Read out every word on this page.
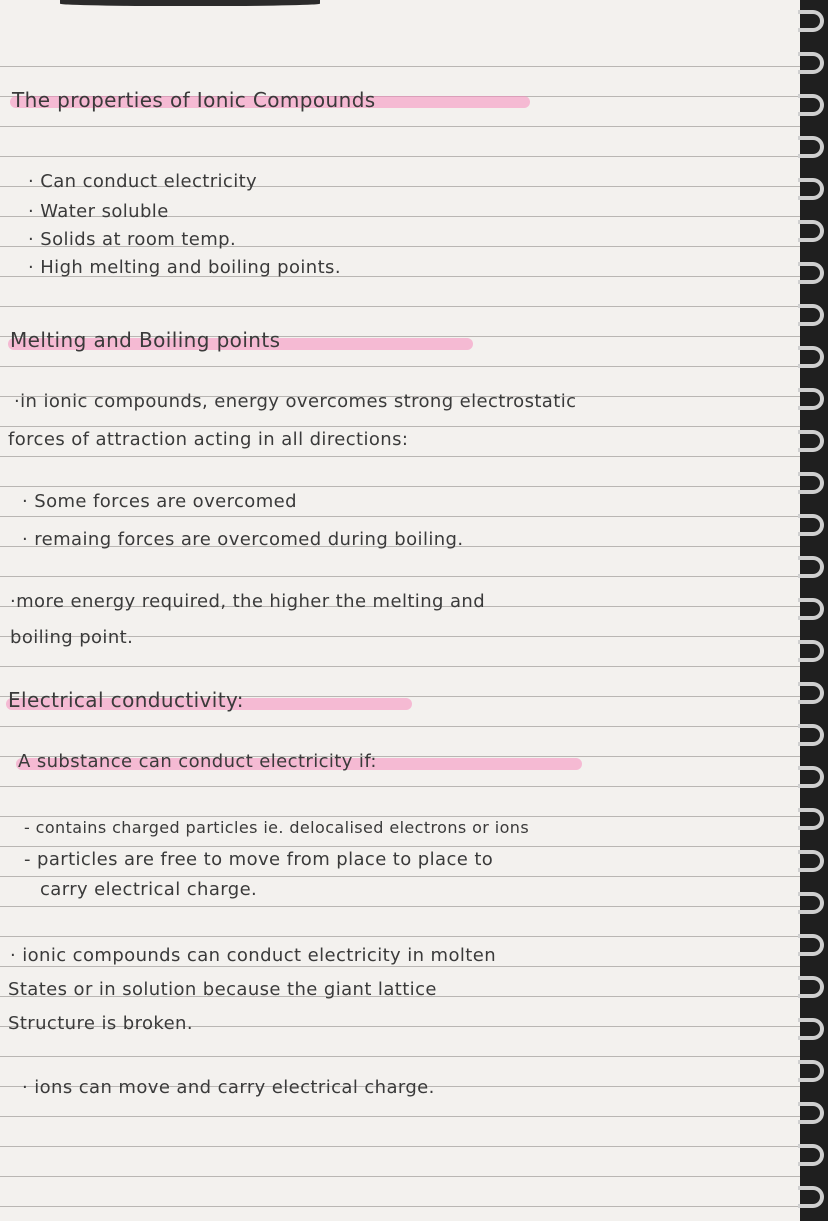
The properties of Ionic Compounds
· Can conduct electricity
· Water soluble
· Solids at room temp.
· High melting and boiling points.
Melting and Boiling points
·in ionic compounds, energy overcomes strong electrostatic
forces of attraction acting in all directions:
· Some forces are overcomed
· remaing forces are overcomed during boiling.
·more energy required, the higher the melting and
boiling point.
Electrical conductivity:
A substance can conduct electricity if:
- contains charged particles ie. delocalised electrons or ions
- particles are free to move from place to place to
carry electrical charge.
· ionic compounds can conduct electricity in molten
States or in solution because the giant lattice
Structure is broken.
· ions can move and carry electrical charge.
